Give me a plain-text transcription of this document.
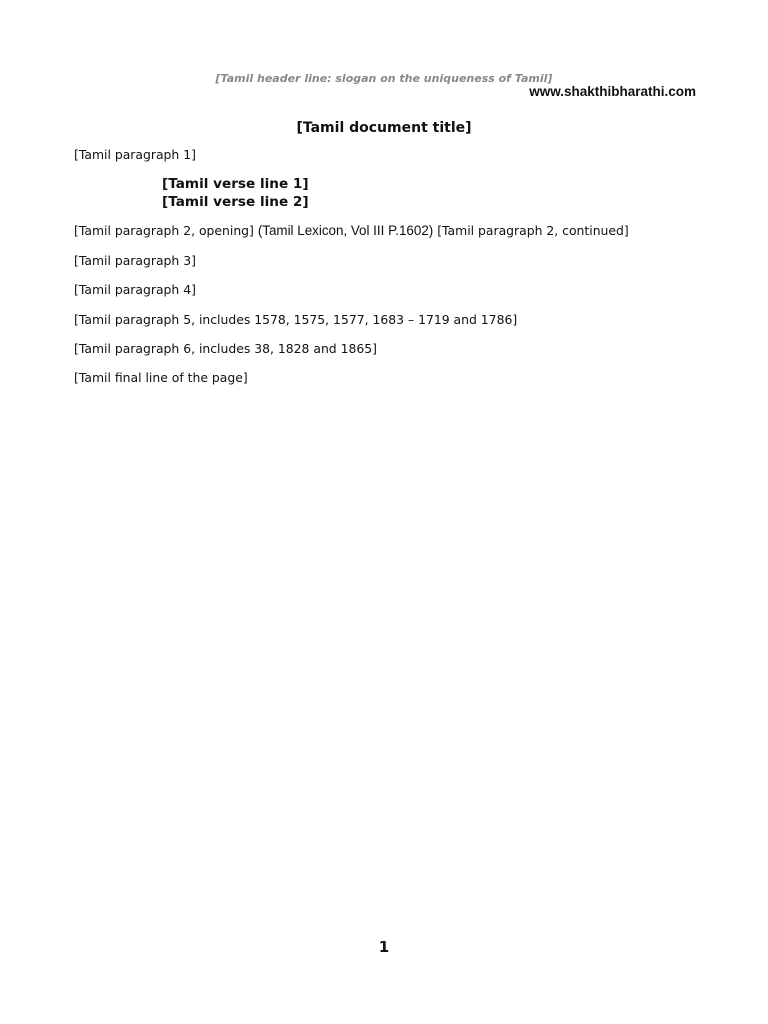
[Tamil header line: slogan on the uniqueness of Tamil]
www.shakthibharathi.com
[Tamil document title]

[Tamil paragraph 1]

[Tamil verse line 1]
[Tamil verse line 2]

[Tamil paragraph 2, opening] (Tamil Lexicon, Vol III P.1602) [Tamil paragraph 2, continued]

[Tamil paragraph 3]

[Tamil paragraph 4]

[Tamil paragraph 5, includes 1578, 1575, 1577, 1683 – 1719 and 1786]

[Tamil paragraph 6, includes 38, 1828 and 1865]

[Tamil final line of the page]

1
